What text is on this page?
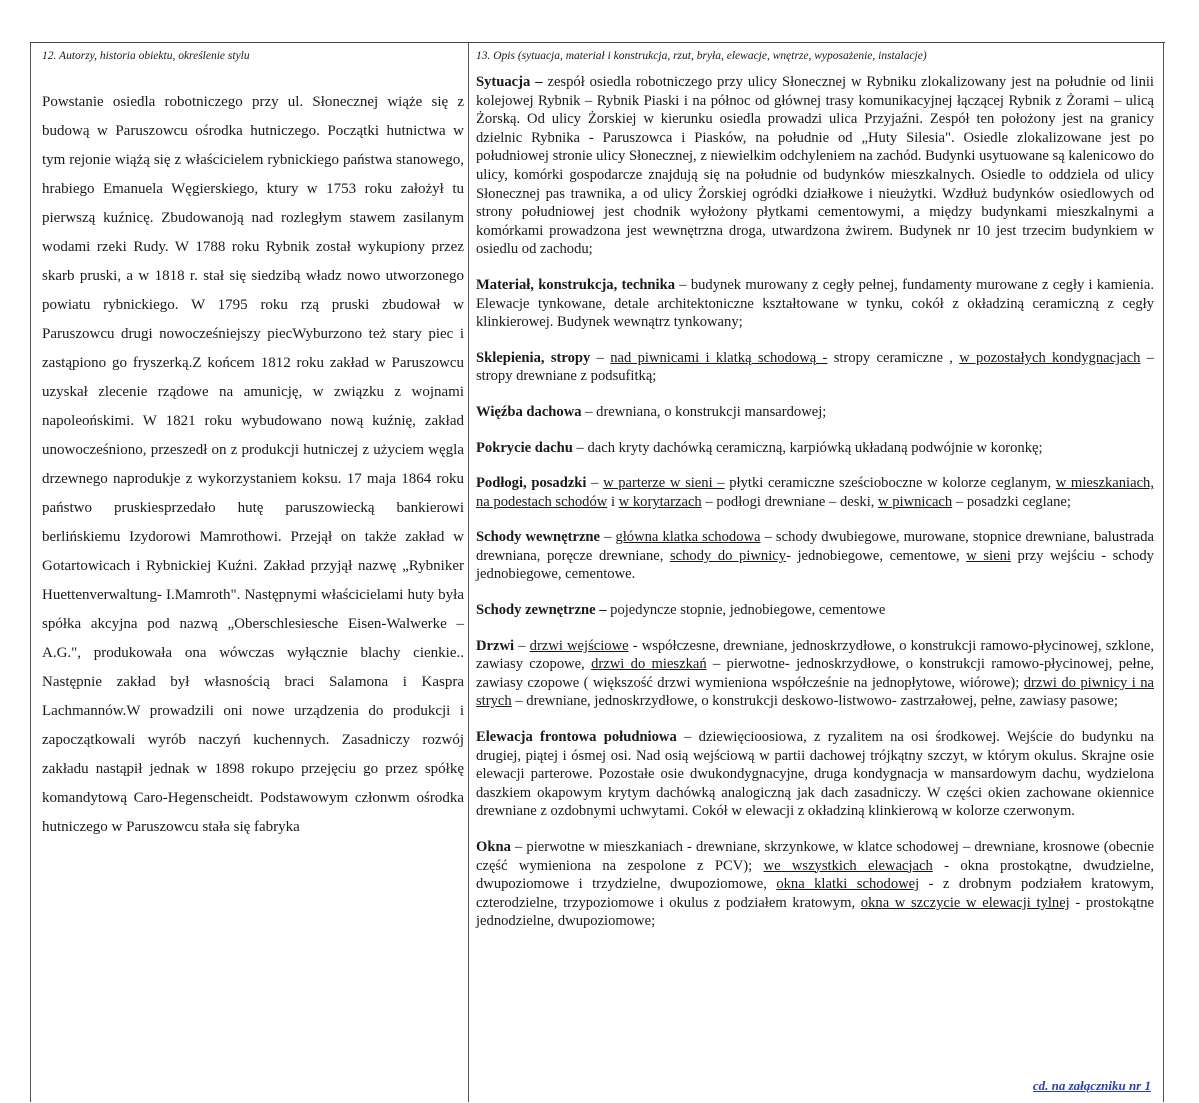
12. Autorzy, historia obiektu, określenie stylu
Powstanie osiedla robotniczego przy ul. Słonecznej wiąże się z budową w Paruszowcu ośrodka hutniczego. Początki hutnictwa w tym rejonie wiążą się z właścicielem rybnickiego państwa stanowego, hrabiego Emanuela Węgierskiego, ktury w 1753 roku założył tu pierwszą kuźnicę. Zbudowanoją nad rozległym stawem zasilanym wodami rzeki Rudy. W 1788 roku Rybnik został wykupiony przez skarb pruski, a w 1818 r. stał się siedzibą władz nowo utworzonego powiatu rybnickiego. W 1795 roku rzą pruski zbudował w Paruszowcu drugi nowocześniejszy piecWyburzono też stary piec i zastąpiono go fryszerką.Z końcem 1812 roku zakład w Paruszowcu uzyskał zlecenie rządowe na amunicję, w związku z wojnami napoleońskimi. W 1821 roku wybudowano nową kuźnię, zakład unowocześniono, przeszedł on z produkcji hutniczej z użyciem węgla drzewnego naprodukje z wykorzystaniem koksu. 17 maja 1864 roku państwo pruskiesprzedało hutę paruszowiecką bankierowi berlińskiemu Izydorowi Mamrothowi. Przejął on także zakład w Gotartowicach i Rybnickiej Kuźni. Zakład przyjął nazwę „Rybniker Huettenverwaltung- I.Mamroth". Następnymi właścicielami huty była spółka akcyjna pod nazwą „Oberschlesiesche Eisen-Walwerke – A.G.", produkowała ona wówczas wyłącznie blachy cienkie.. Następnie zakład był własnością braci Salamona i Kaspra Lachmannów.W prowadzili oni nowe urządzenia do produkcji i zapoczątkowali wyrób naczyń kuchennych. Zasadniczy rozwój zakładu nastąpił jednak w 1898 rokupo przejęciu go przez spółkę komandytową Caro-Hegenscheidt. Podstawowym członwm ośrodka hutniczego w Paruszowcu stała się fabryka
13. Opis (sytuacja, materiał i konstrukcja, rzut, bryła, elewacje, wnętrze, wyposażenie, instalacje)

Sytuacja – zespół osiedla robotniczego przy ulicy Słonecznej w Rybniku zlokalizowany jest na południe od linii kolejowej Rybnik – Rybnik Piaski i na północ od głównej trasy komunikacyjnej łączącej Rybnik z Żorami – ulicą Żorską. Od ulicy Żorskiej w kierunku osiedla prowadzi ulica Przyjaźni. Zespół ten położony jest na granicy dzielnic Rybnika - Paruszowca i Piasków, na południe od „Huty Silesia". Osiedle zlokalizowane jest po południowej stronie ulicy Słonecznej, z niewielkim odchyleniem na zachód. Budynki usytuowane są kalenicowo do ulicy, komórki gospodarcze znajdują się na południe od budynków mieszkalnych. Osiedle to oddziela od ulicy Słonecznej pas trawnika, a od ulicy Żorskiej ogródki działkowe i nieużytki. Wzdłuż budynków osiedlowych od strony południowej jest chodnik wyłożony płytkami cementowymi, a między budynkami mieszkalnymi a komórkami prowadzona jest wewnętrzna droga, utwardzona żwirem. Budynek nr 10 jest trzecim budynkiem w osiedlu od zachodu;

Materiał, konstrukcja, technika – budynek murowany z cegły pełnej, fundamenty murowane z cegły i kamienia. Elewacje tynkowane, detale architektoniczne kształtowane w tynku, cokół z okładziną ceramiczną z cegły klinkierowej. Budynek wewnątrz tynkowany;

Sklepienia, stropy – nad piwnicami i klatką schodową - stropy ceramiczne , w pozostałych kondygnacjach – stropy drewniane z podsufitką;

Więźba dachowa – drewniana, o konstrukcji mansardowej;

Pokrycie dachu – dach kryty dachówką ceramiczną, karpiówką układaną podwójnie w koronkę;

Podłogi, posadzki – w parterze w sieni – płytki ceramiczne sześcioboczne w kolorze ceglanym, w mieszkaniach, na podestach schodów i w korytarzach – podłogi drewniane – deski, w piwnicach – posadzki ceglane;

Schody wewnętrzne – główna klatka schodowa – schody dwubiegowe, murowane, stopnice drewniane, balustrada drewniana, poręcze drewniane, schody do piwnicy- jednobiegowe, cementowe, w sieni przy wejściu - schody jednobiegowe, cementowe.

Schody zewnętrzne – pojedyncze stopnie, jednobiegowe, cementowe

Drzwi – drzwi wejściowe - współczesne, drewniane, jednoskrzydłowe, o konstrukcji ramowo-płycinowej, szklone, zawiasy czopowe, drzwi do mieszkań – pierwotne- jednoskrzydłowe, o konstrukcji ramowo-płycinowej, pełne, zawiasy czopowe ( większość drzwi wymieniona współcześnie na jednopłytowe, wiórowe); drzwi do piwnicy i na strych – drewniane, jednoskrzydłowe, o konstrukcji deskowo-listwowo- zastrzałowej, pełne, zawiasy pasowe;

Elewacja frontowa południowa – dziewięcioosiowa, z ryzalitem na osi środkowej. Wejście do budynku na drugiej, piątej i ósmej osi. Nad osią wejściową w partii dachowej trójkątny szczyt, w którym okulus. Skrajne osie elewacji parterowe. Pozostałe osie dwukondygnacyjne, druga kondygnacja w mansardowym dachu, wydzielona daszkiem okapowym krytym dachówką analogiczną jak dach zasadniczy. W części okien zachowane okiennice drewniane z ozdobnymi uchwytami. Cokół w elewacji z okładziną klinkierową w kolorze czerwonym.

Okna – pierwotne w mieszkaniach - drewniane, skrzynkowe, w klatce schodowej – drewniane, krosnowe (obecnie część wymieniona na zespolone z PCV); we wszystkich elewacjach - okna prostokątne, dwudzielne, dwupoziomowe i trzydzielne, dwupoziomowe, okna klatki schodowej - z drobnym podziałem kratowym, czterodzielne, trzypoziomowe i okulus z podziałem kratowym, okna w szczycie w elewacji tylnej - prostokątne jednodzielne, dwupoziomowe;

cd. na załączniku nr 1
